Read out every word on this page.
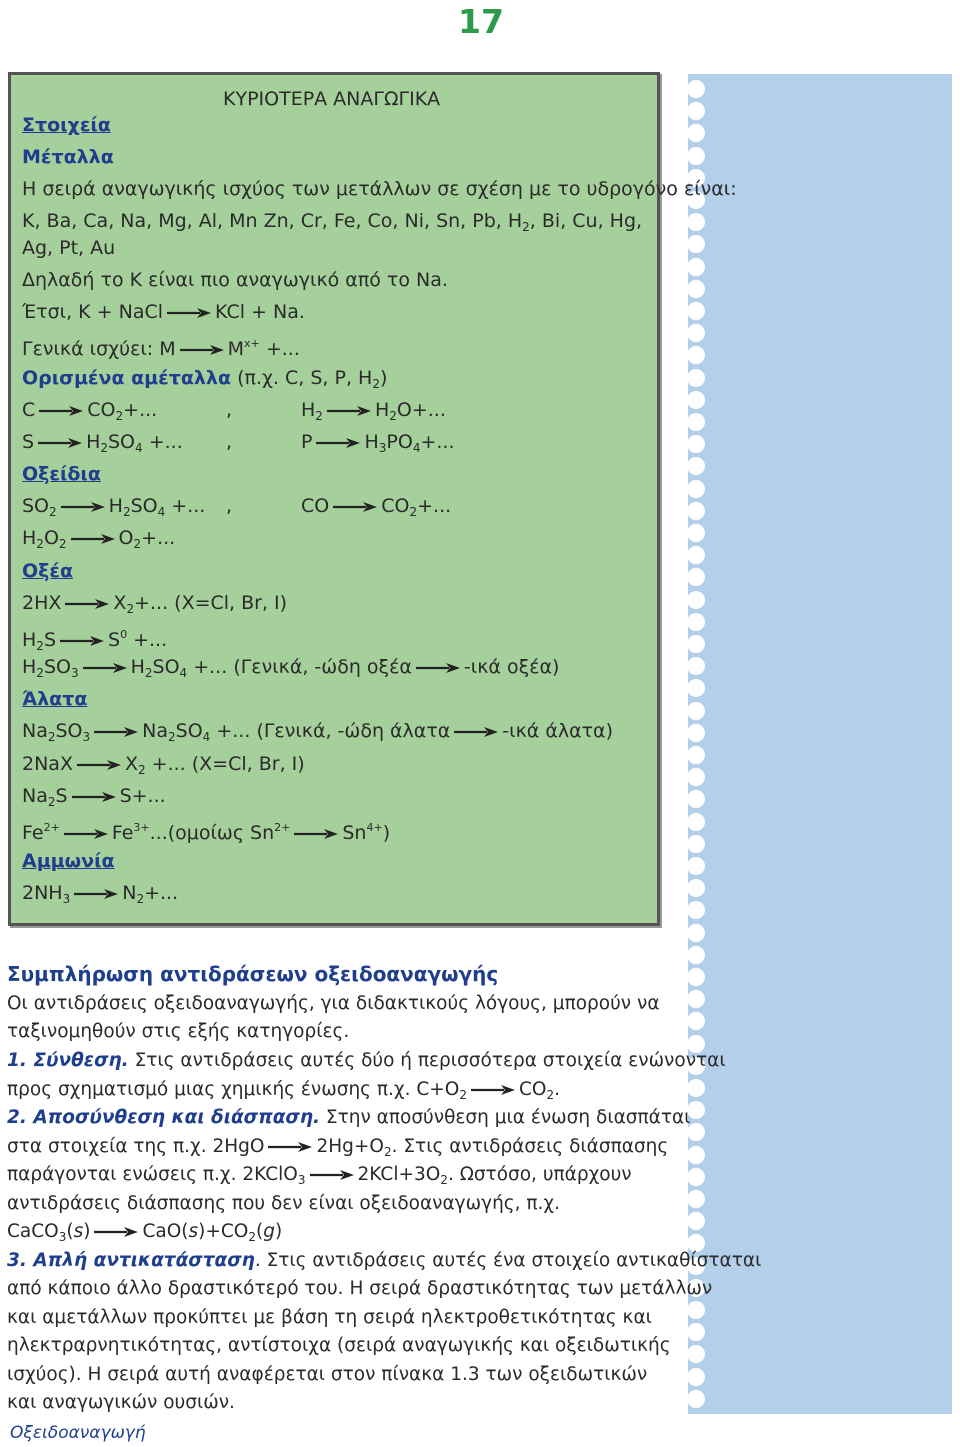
17
ΚΥΡΙΟΤΕΡΑ ΑΝΑΓΩΓΙΚΑ
Στοιχεία
Μέταλλα
Η σειρά αναγωγικής ισχύος των μετάλλων σε σχέση με το υδρογόνο είναι:
K, Ba, Ca, Na, Mg, Al, Mn Zn, Cr, Fe, Co, Ni, Sn, Pb, $H_2$, Bi, Cu, Hg,
Ag, Pt, Au
Δηλαδή το Κ είναι πιο αναγωγικό από το Na.
Έτσι, K + NaCl	KCl + Na.
Γενικά ισχύει: Μ	$M^{x+}$ +...
Ορισμένα αμέταλλα (π.χ. C, S, P, $H_2$)
C	$CO_2+$...	,	$H_2$	$H_2O+$...
S	$H_2SO_4$ +... ,	P	$H_3PO_4+$...
Οξείδια
$SO_2$	$H_2SO_4$ +... ,	CO	$CO_2+$...
$H_2O_2$	$O_2+$...
Οξέα
2HX	$X_2+$... (X=Cl, Br, I)
$H_2S$	$S^0$ +...
$H_2SO_3$	$H_2SO_4$ +... (Γενικά, -ώδη οξέα	-ικά οξέα)
Άλατα
$Na_2SO_3$	$Na_2SO_4$ +... (Γενικά, -ώδη άλατα	-ικά άλατα)
2NaX	$X_2$ +... (X=Cl, Br, I)
$Na_2S$	S+...
$Fe^{2+}$	$Fe^{3+}...(o\mu oί\omega\varsigma$ $Sn^{2+}$	$Sn^{4+}$)
Αμμωνία
$2NH_3$	$N_2+$...
Συμπλήρωση αντιδράσεων οξειδοαναγωγής
Οι αντιδράσεις οξειδοαναγωγής, για διδακτικούς λόγους, μπορούν να
ταξινομηθούν στις εξής κατηγορίες.
1. Σύνθεση. Στις αντιδράσεις αυτές δύο ή περισσότερα στοιχεία ενώνονται
προς σχηματισμό μιας χημικής ένωσης π.χ. $C+O_2$	$CO_2$.
2. Αποσύνθεση και διάσπαση. Στην αποσύνθεση μια ένωση διασπάται
στα στοιχεία της π.χ. 2HgO	$2Hg+O_2$. Στις αντιδράσεις διάσπασης
παράγονται ενώσεις π.χ. 2KClO$_3$	$2KCl+3O_2$. Ωστόσο, υπάρχουν
αντιδράσεις διάσπασης που δεν είναι οξειδοαναγωγής, π.χ.
CaCO$_3$(s)	$CaO(s)+CO_2(g)$
3. Απλή αντικατάσταση. Στις αντιδράσεις αυτές ένα στοιχείο αντικαθίσταται
από κάποιο άλλο δραστικότερό του. Η σειρά δραστικότητας των μετάλλων
και αμετάλλων προκύπτει με βάση τη σειρά ηλεκτροθετικότητας και
ηλεκτραρνητικότητας, αντίστοιχα (σειρά αναγωγικής και οξειδωτικής
ισχύος). Η σειρά αυτή αναφέρεται στον πίνακα 1.3 των οξειδωτικών
και αναγωγικών ουσιών.
Οξειδοαναγωγή
